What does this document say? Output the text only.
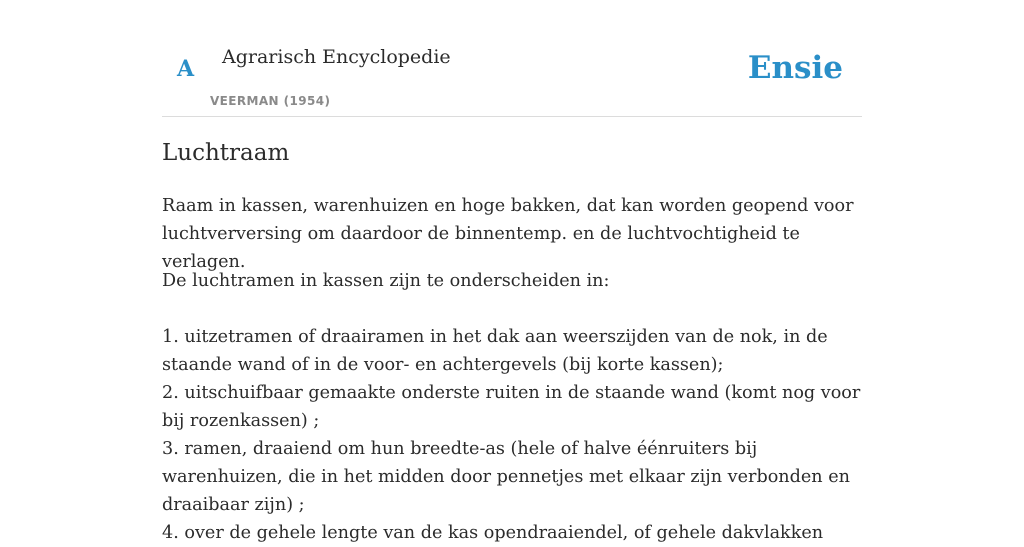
A Agrarisch Encyclopedie
VEERMAN (1954)
Ensie
Luchtraam

Raam in kassen, warenhuizen en hoge bakken, dat kan worden geopend voor luchtverversing om daardoor de binnentemp. en de luchtvochtigheid te verlagen.

De luchtramen in kassen zijn te onderscheiden in:

1. uitzetramen of draairamen in het dak aan weerszijden van de nok, in de staande wand of in de voor- en achtergevels (bij korte kassen);
2. uitschuifbaar gemaakte onderste ruiten in de staande wand (komt nog voor bij rozenkassen) ;
3. ramen, draaiend om hun breedte-as (hele of halve éénruiters bij warenhuizen, die in het midden door pennetjes met elkaar zijn verbonden en draaibaar zijn) ;
4. over de gehele lengte van de kas opendraaiendel, of gehele dakvlakken
